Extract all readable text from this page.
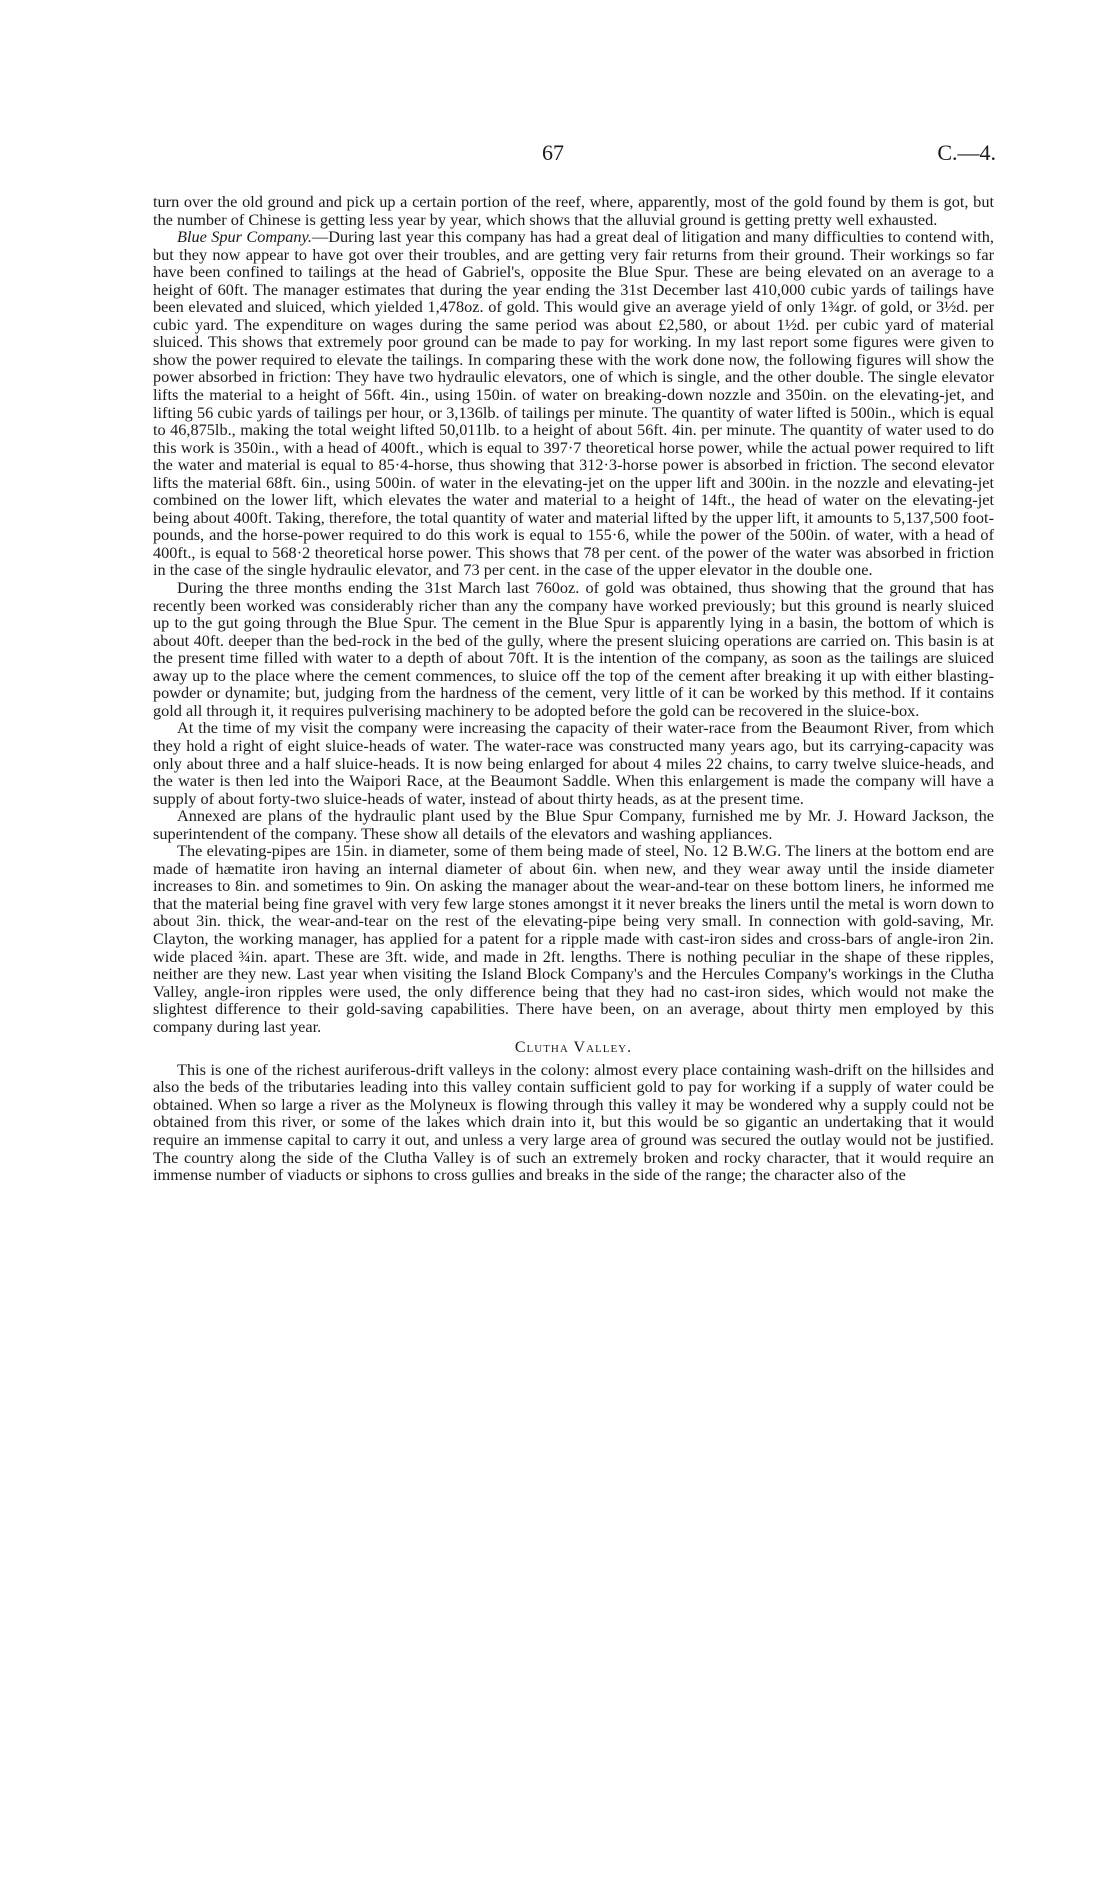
67	C.—4.

turn over the old ground and pick up a certain portion of the reef, where, apparently, most of the gold found by them is got, but the number of Chinese is getting less year by year, which shows that the alluvial ground is getting pretty well exhausted.

Blue Spur Company.—During last year this company has had a great deal of litigation and many difficulties to contend with, but they now appear to have got over their troubles, and are getting very fair returns from their ground. Their workings so far have been confined to tailings at the head of Gabriel's, opposite the Blue Spur. These are being elevated on an average to a height of 60ft. The manager estimates that during the year ending the 31st December last 410,000 cubic yards of tailings have been elevated and sluiced, which yielded 1,478oz. of gold. This would give an average yield of only 1¾gr. of gold, or 3½d. per cubic yard. The expenditure on wages during the same period was about £2,580, or about 1½d. per cubic yard of material sluiced. This shows that extremely poor ground can be made to pay for working. In my last report some figures were given to show the power required to elevate the tailings. In comparing these with the work done now, the following figures will show the power absorbed in friction: They have two hydraulic elevators, one of which is single, and the other double. The single elevator lifts the material to a height of 56ft. 4in., using 150in. of water on breaking-down nozzle and 350in. on the elevating-jet, and lifting 56 cubic yards of tailings per hour, or 3,136lb. of tailings per minute. The quantity of water lifted is 500in., which is equal to 46,875lb., making the total weight lifted 50,011lb. to a height of about 56ft. 4in. per minute. The quantity of water used to do this work is 350in., with a head of 400ft., which is equal to 397·7 theoretical horse power, while the actual power required to lift the water and material is equal to 85·4-horse, thus showing that 312·3-horse power is absorbed in friction. The second elevator lifts the material 68ft. 6in., using 500in. of water in the elevating-jet on the upper lift and 300in. in the nozzle and elevating-jet combined on the lower lift, which elevates the water and material to a height of 14ft., the head of water on the elevating-jet being about 400ft. Taking, therefore, the total quantity of water and material lifted by the upper lift, it amounts to 5,137,500 foot-pounds, and the horse-power required to do this work is equal to 155·6, while the power of the 500in. of water, with a head of 400ft., is equal to 568·2 theoretical horse power. This shows that 78 per cent. of the power of the water was absorbed in friction in the case of the single hydraulic elevator, and 73 per cent. in the case of the upper elevator in the double one.

During the three months ending the 31st March last 760oz. of gold was obtained, thus showing that the ground that has recently been worked was considerably richer than any the company have worked previously; but this ground is nearly sluiced up to the gut going through the Blue Spur. The cement in the Blue Spur is apparently lying in a basin, the bottom of which is about 40ft. deeper than the bed-rock in the bed of the gully, where the present sluicing operations are carried on. This basin is at the present time filled with water to a depth of about 70ft. It is the intention of the company, as soon as the tailings are sluiced away up to the place where the cement commences, to sluice off the top of the cement after breaking it up with either blasting-powder or dynamite; but, judging from the hardness of the cement, very little of it can be worked by this method. If it contains gold all through it, it requires pulverising machinery to be adopted before the gold can be recovered in the sluice-box.

At the time of my visit the company were increasing the capacity of their water-race from the Beaumont River, from which they hold a right of eight sluice-heads of water. The water-race was constructed many years ago, but its carrying-capacity was only about three and a half sluice-heads. It is now being enlarged for about 4 miles 22 chains, to carry twelve sluice-heads, and the water is then led into the Waipori Race, at the Beaumont Saddle. When this enlargement is made the company will have a supply of about forty-two sluice-heads of water, instead of about thirty heads, as at the present time.

Annexed are plans of the hydraulic plant used by the Blue Spur Company, furnished me by Mr. J. Howard Jackson, the superintendent of the company. These show all details of the elevators and washing appliances.

The elevating-pipes are 15in. in diameter, some of them being made of steel, No. 12 B.W.G. The liners at the bottom end are made of hæmatite iron having an internal diameter of about 6in. when new, and they wear away until the inside diameter increases to 8in. and sometimes to 9in. On asking the manager about the wear-and-tear on these bottom liners, he informed me that the material being fine gravel with very few large stones amongst it it never breaks the liners until the metal is worn down to about 3in. thick, the wear-and-tear on the rest of the elevating-pipe being very small. In connection with gold-saving, Mr. Clayton, the working manager, has applied for a patent for a ripple made with cast-iron sides and cross-bars of angle-iron 2in. wide placed ¾in. apart. These are 3ft. wide, and made in 2ft. lengths. There is nothing peculiar in the shape of these ripples, neither are they new. Last year when visiting the Island Block Company's and the Hercules Company's workings in the Clutha Valley, angle-iron ripples were used, the only difference being that they had no cast-iron sides, which would not make the slightest difference to their gold-saving capabilities. There have been, on an average, about thirty men employed by this company during last year.

Clutha Valley.

This is one of the richest auriferous-drift valleys in the colony: almost every place containing wash-drift on the hillsides and also the beds of the tributaries leading into this valley contain sufficient gold to pay for working if a supply of water could be obtained. When so large a river as the Molyneux is flowing through this valley it may be wondered why a supply could not be obtained from this river, or some of the lakes which drain into it, but this would be so gigantic an undertaking that it would require an immense capital to carry it out, and unless a very large area of ground was secured the outlay would not be justified. The country along the side of the Clutha Valley is of such an extremely broken and rocky character, that it would require an immense number of viaducts or siphons to cross gullies and breaks in the side of the range; the character also of the
